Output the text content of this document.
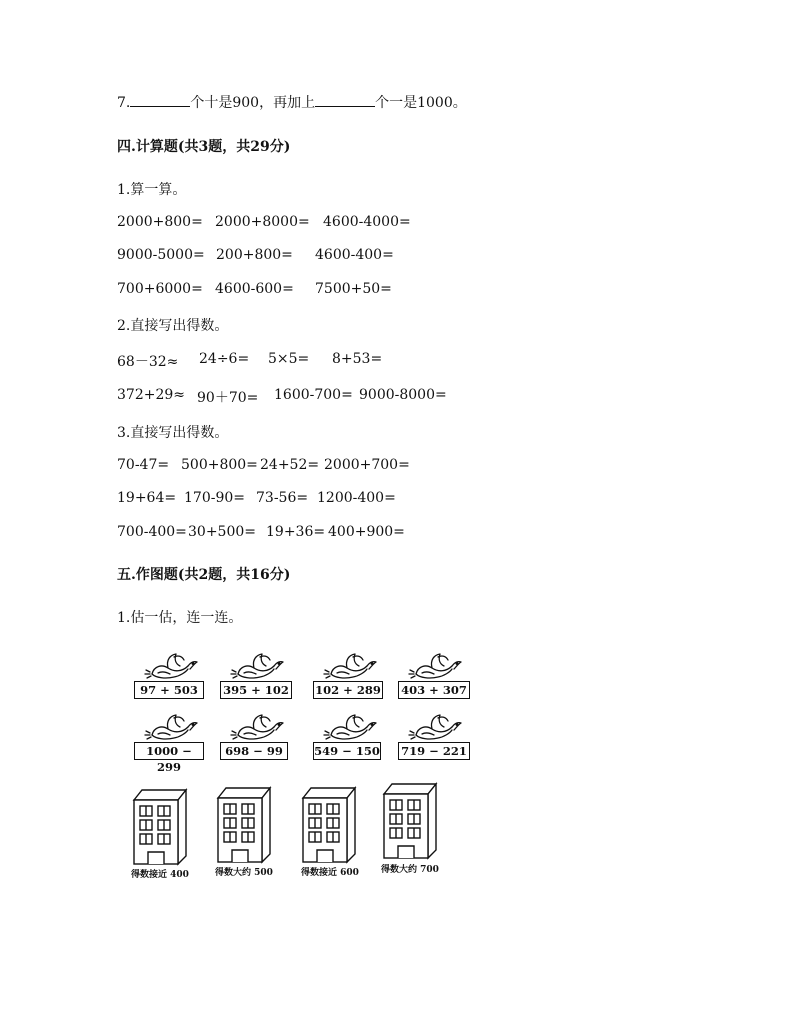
7.	个十是900，再加上	个一是1000。
四.计算题(共3题，共29分)
1.算一算。
2000+800= 2000+8000= 4600-4000=
9000-5000= 200+800= 4600-400=
700+6000= 4600-600= 7500+50=
2.直接写出得数。
68－32≈ 24÷6= 5×5= 8+53=
372+29≈ 90＋70= 1600-700= 9000-8000=
3.直接写出得数。
70-47= 500+800= 24+52= 2000+700=
19+64= 170-90= 73-56= 1200-400=
700-400= 30+500= 19+36= 400+900=
五.作图题(共2题，共16分)
1.估一估，连一连。
97 + 503	395 + 102 102 + 289 403 + 307
1000 − 299
698 − 99	549 − 150 719 − 221
得数接近 400	得数大约 500	得数接近 600 得数大约 700
